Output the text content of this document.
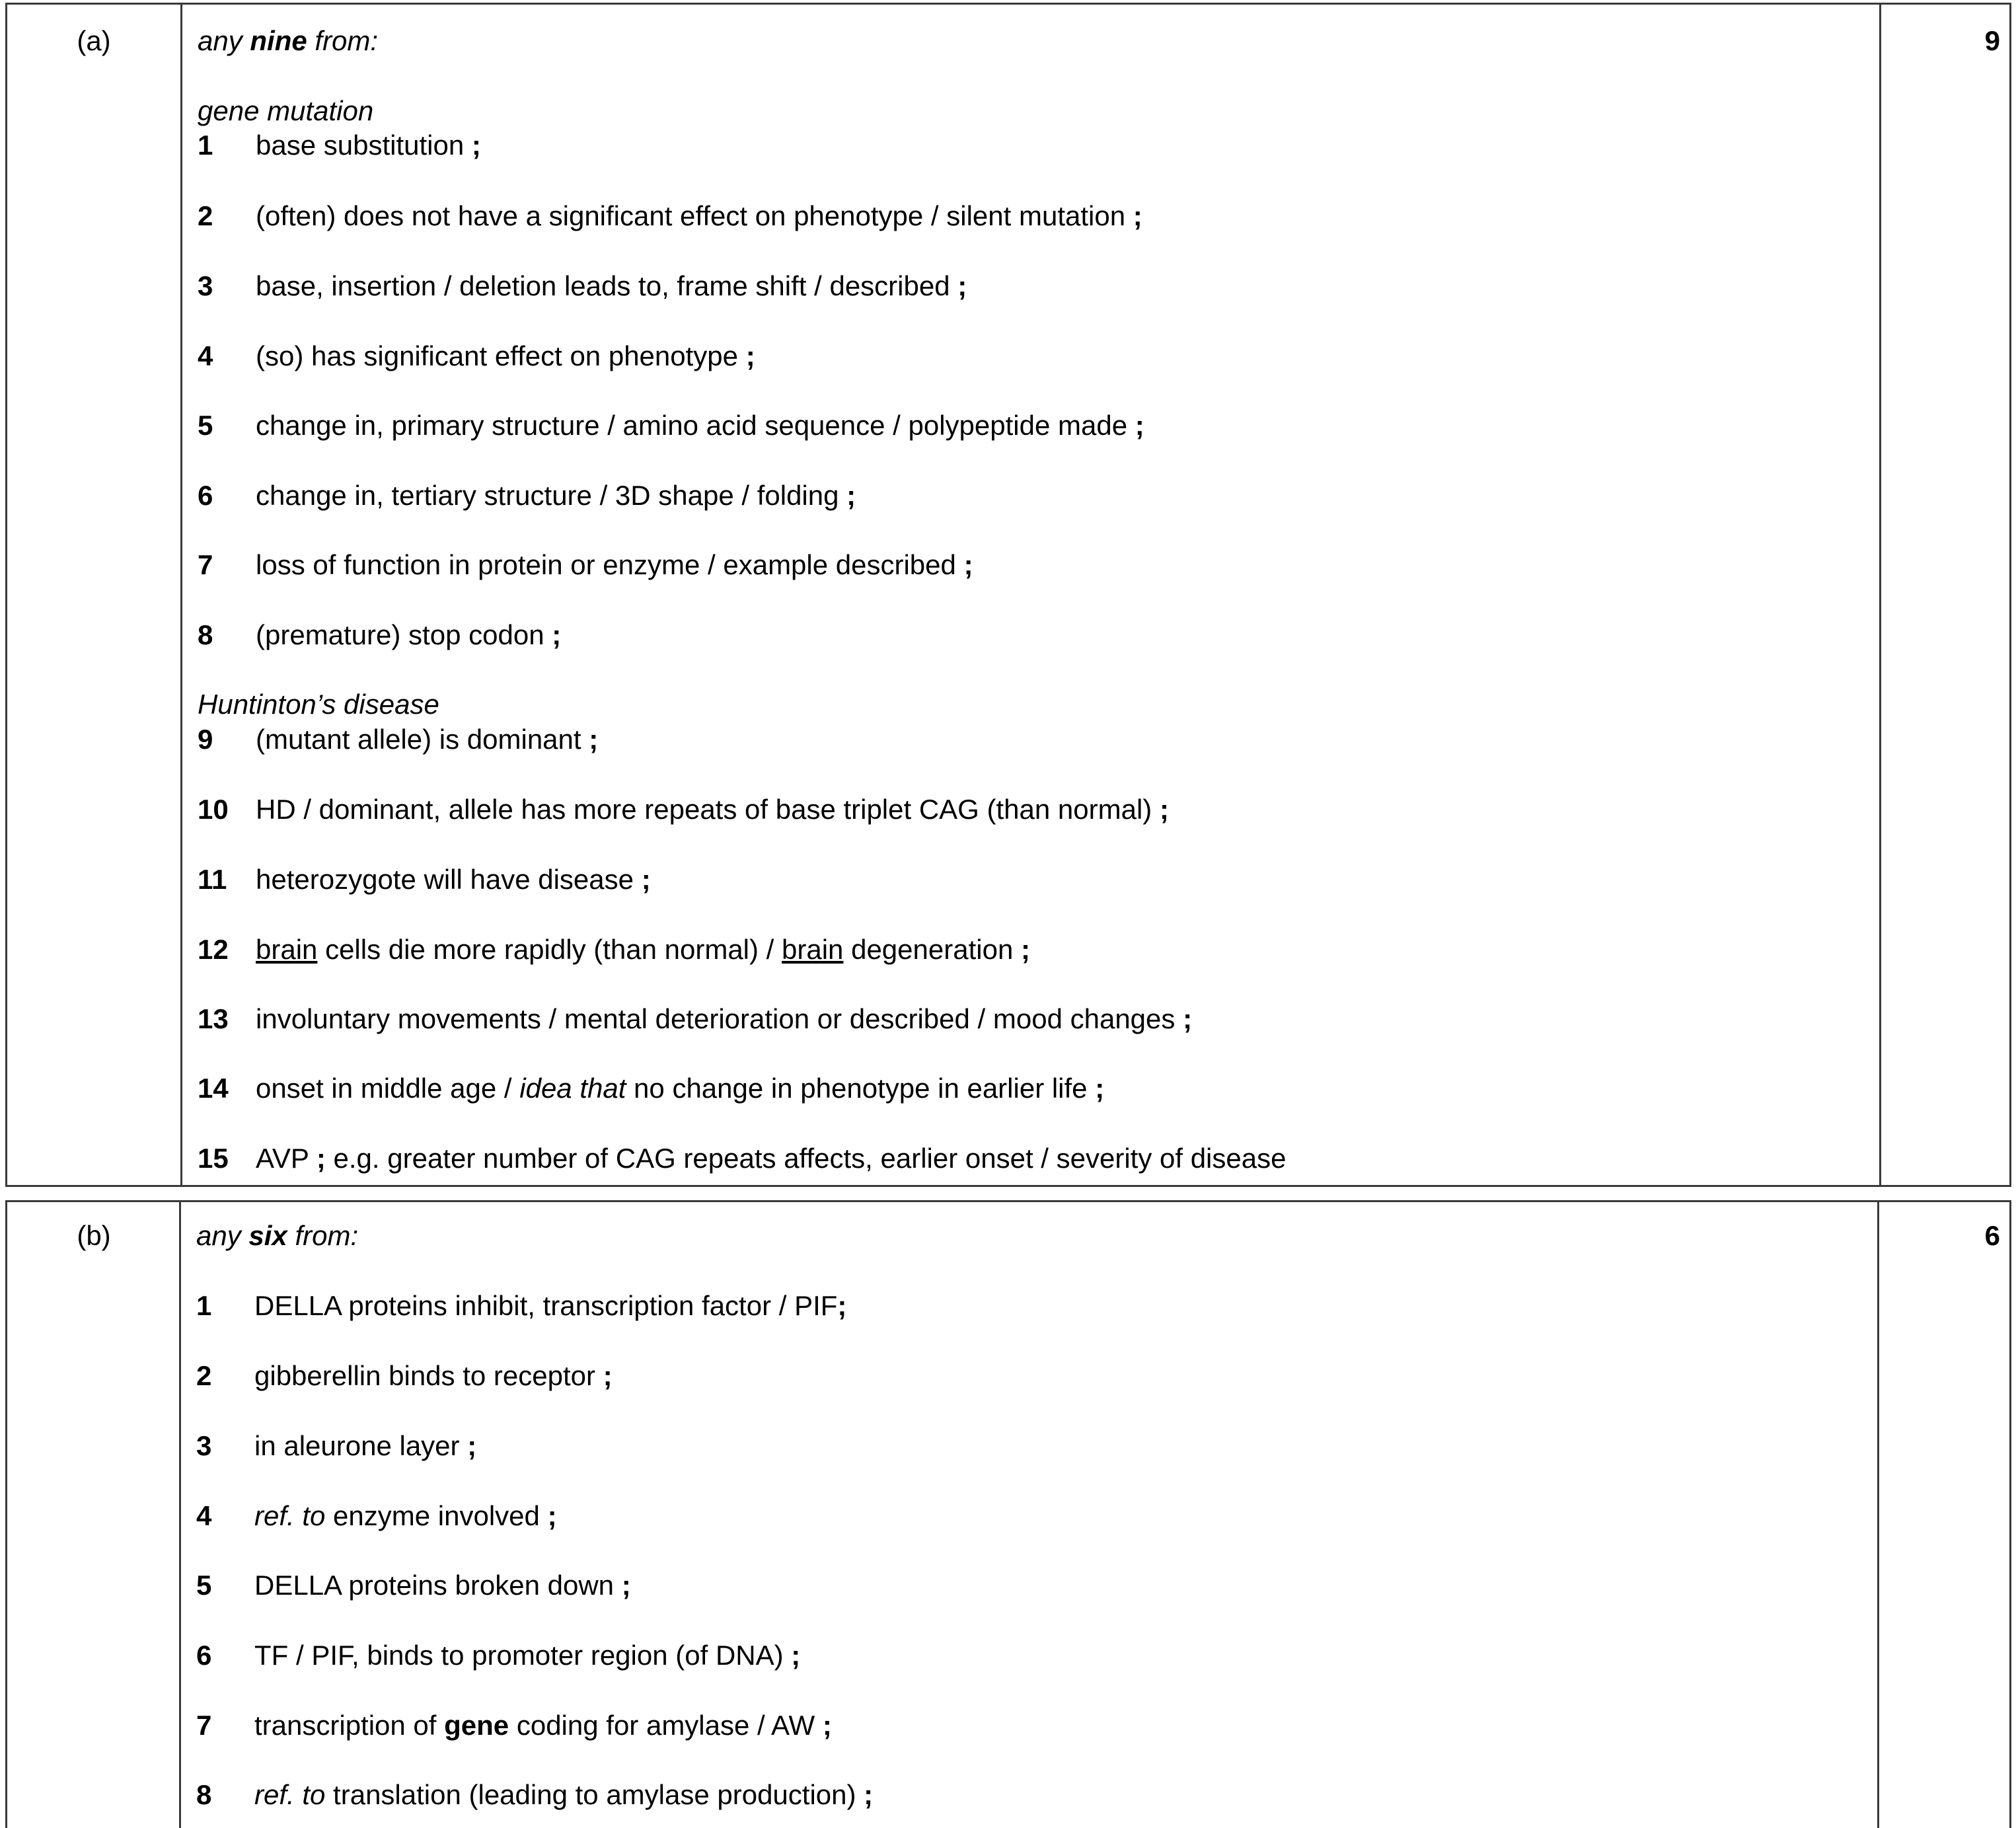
(a)	9
any nine from:
gene mutation
1 base substitution ;
2 (often) does not have a significant effect on phenotype / silent mutation ;
3 base, insertion / deletion leads to, frame shift / described ;
4 (so) has significant effect on phenotype ;
5 change in, primary structure / amino acid sequence / polypeptide made ;
6 change in, tertiary structure / 3D shape / folding ;
7 loss of function in protein or enzyme / example described ;
8 (premature) stop codon ;
Huntinton’s disease
9 (mutant allele) is dominant ;
10 HD / dominant, allele has more repeats of base triplet CAG (than normal) ;
11 heterozygote will have disease ;
12 brain cells die more rapidly (than normal) / brain degeneration ;
13 involuntary movements / mental deterioration or described / mood changes ;
14 onset in middle age / idea that no change in phenotype in earlier life ;
15 AVP ; e.g. greater number of CAG repeats affects, earlier onset / severity of disease
(b)	6
any six from:
1 DELLA proteins inhibit, transcription factor / PIF;
2 gibberellin binds to receptor ;
3 in aleurone layer ;
4 ref. to enzyme involved ;
5 DELLA proteins broken down ;
6 TF / PIF, binds to promoter region (of DNA) ;
7 transcription of gene coding for amylase / AW ;
8 ref. to translation (leading to amylase production) ;
